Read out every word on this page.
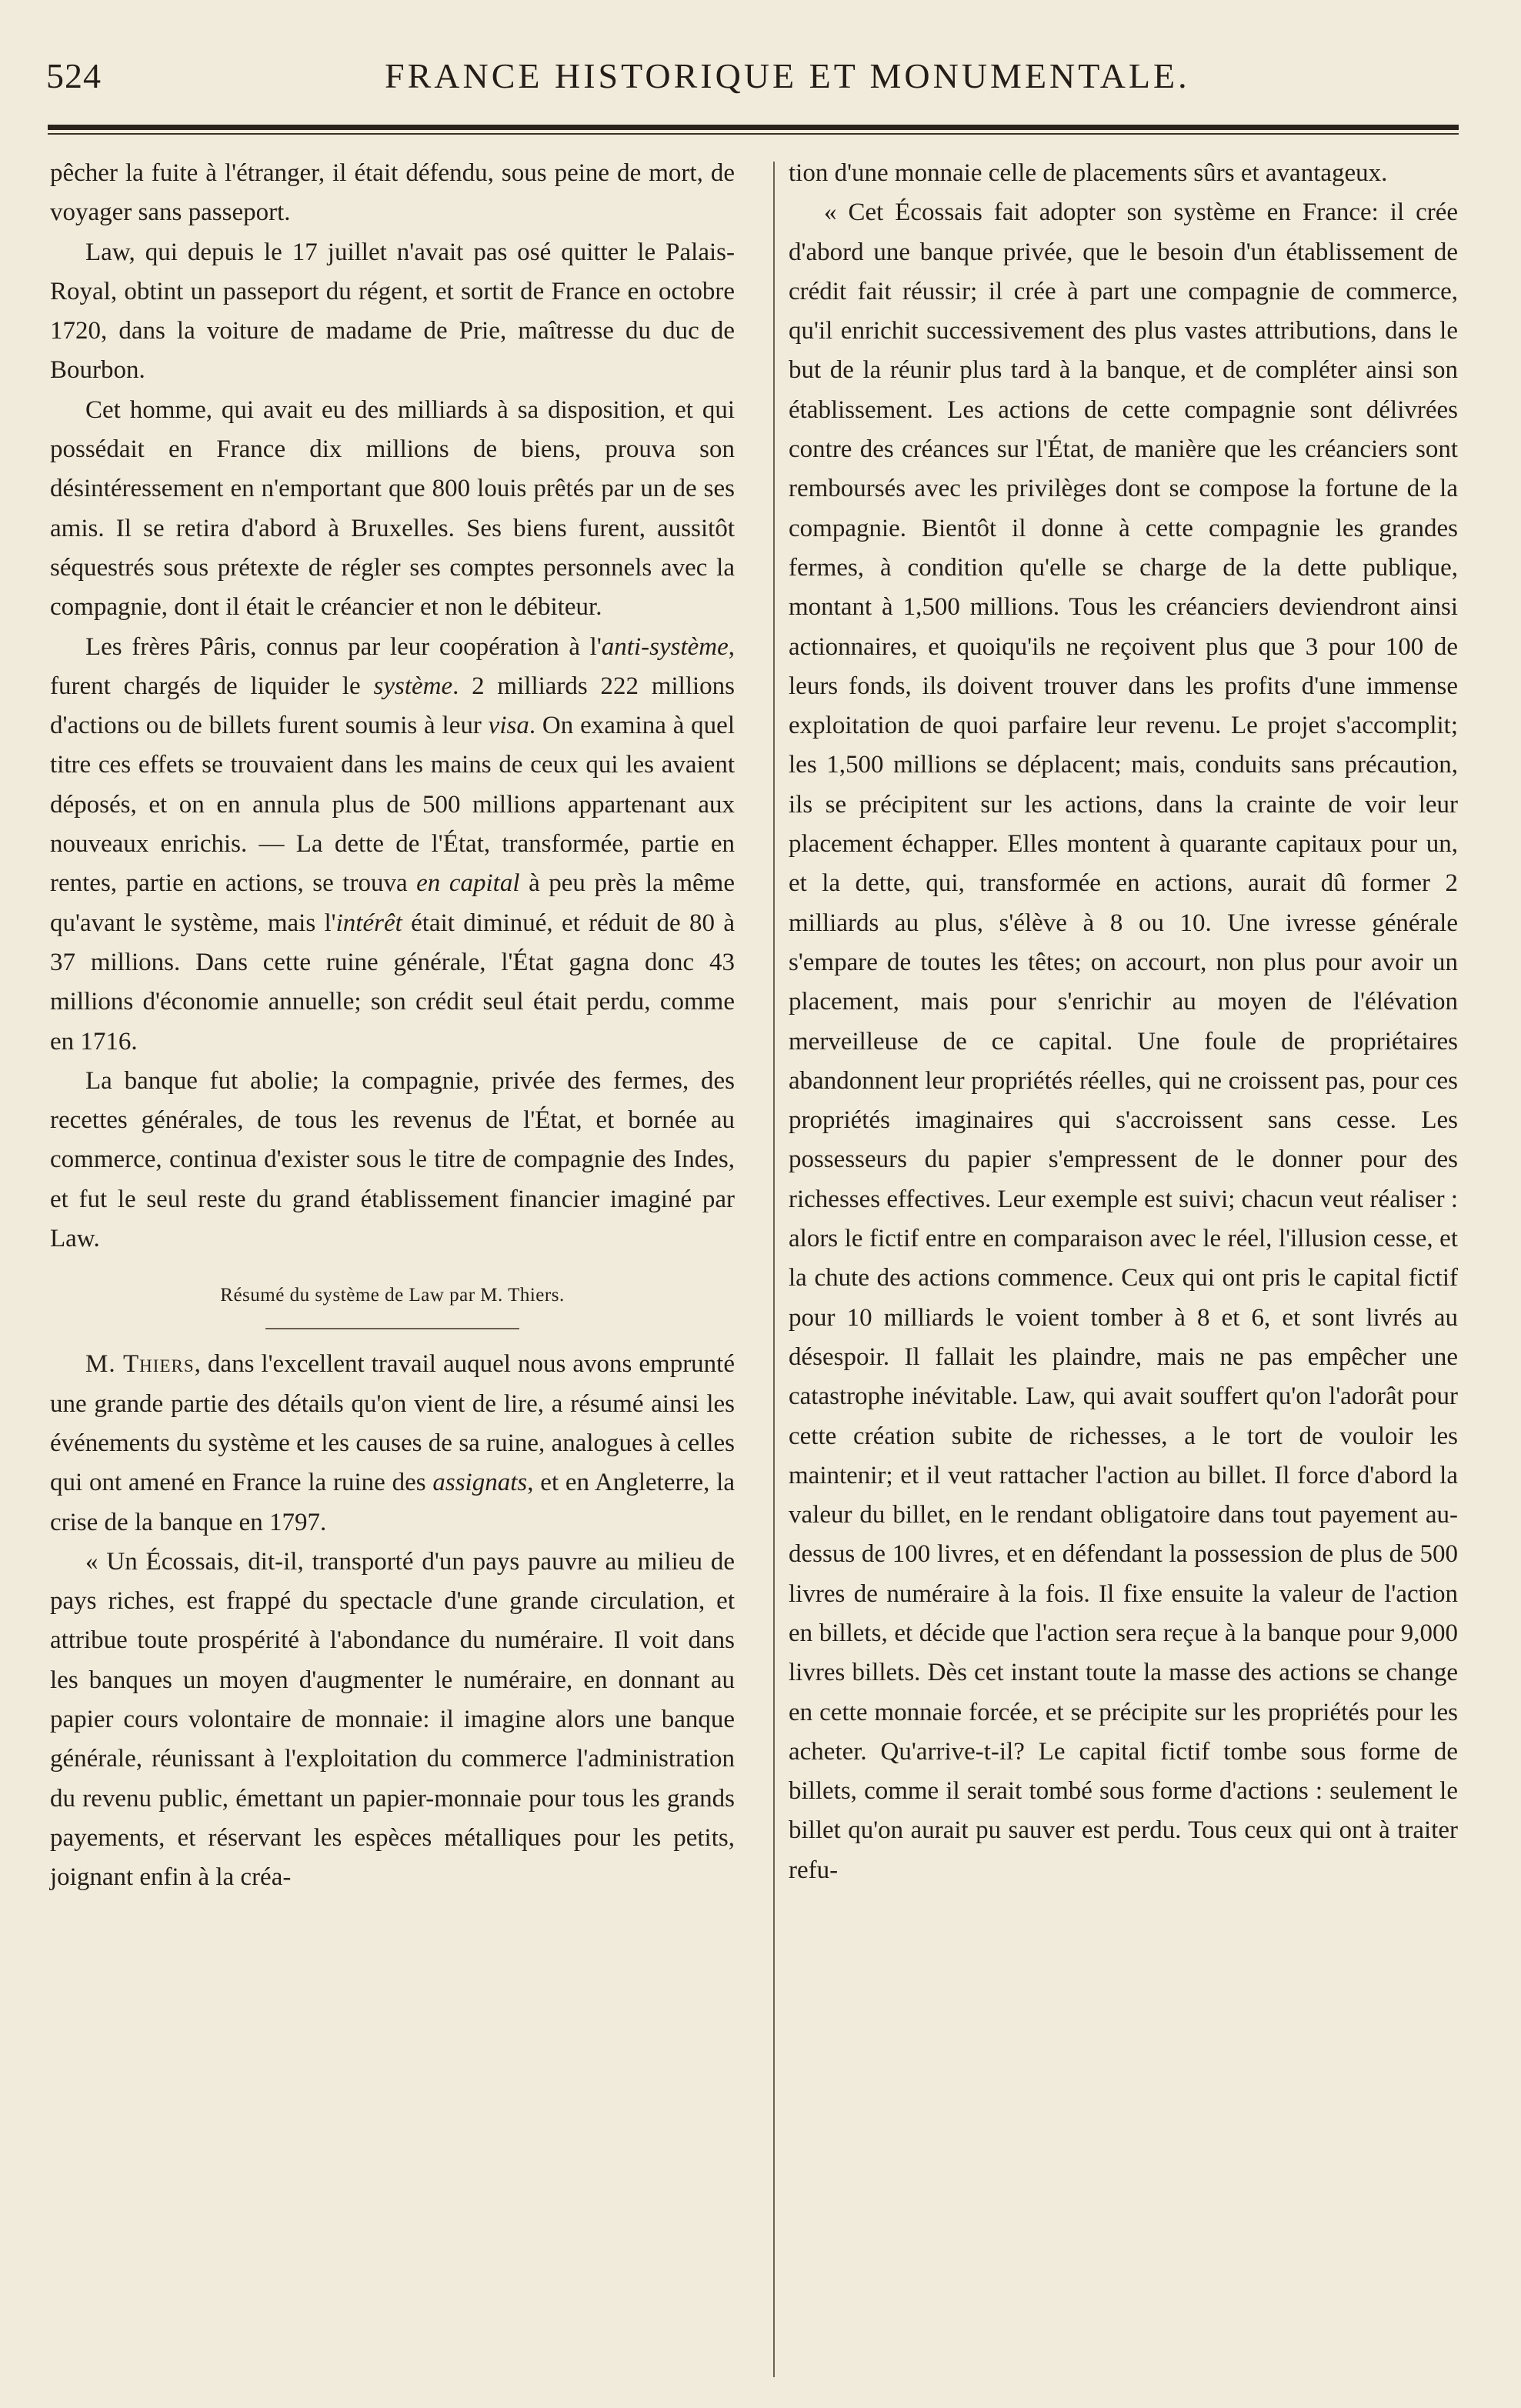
524	FRANCE HISTORIQUE ET MONUMENTALE.

pêcher la fuite à l'étranger, il était défendu, sous peine de mort, de voyager sans passeport.

Law, qui depuis le 17 juillet n'avait pas osé quitter le Palais-Royal, obtint un passeport du régent, et sortit de France en octobre 1720, dans la voiture de madame de Prie, maîtresse du duc de Bourbon.

Cet homme, qui avait eu des milliards à sa disposition, et qui possédait en France dix millions de biens, prouva son désintéressement en n'emportant que 800 louis prêtés par un de ses amis. Il se retira d'abord à Bruxelles. Ses biens furent, aussitôt séquestrés sous prétexte de régler ses comptes personnels avec la compagnie, dont il était le créancier et non le débiteur.

Les frères Pâris, connus par leur coopération à l'anti-système, furent chargés de liquider le système. 2 milliards 222 millions d'actions ou de billets furent soumis à leur visa. On examina à quel titre ces effets se trouvaient dans les mains de ceux qui les avaient déposés, et on en annula plus de 500 millions appartenant aux nouveaux enrichis. — La dette de l'État, transformée, partie en rentes, partie en actions, se trouva en capital à peu près la même qu'avant le système, mais l'intérêt était diminué, et réduit de 80 à 37 millions. Dans cette ruine générale, l'État gagna donc 43 millions d'économie annuelle; son crédit seul était perdu, comme en 1716.

La banque fut abolie; la compagnie, privée des fermes, des recettes générales, de tous les revenus de l'État, et bornée au commerce, continua d'exister sous le titre de compagnie des Indes, et fut le seul reste du grand établissement financier imaginé par Law.

Résumé du système de Law par M. Thiers.

M. Thiers, dans l'excellent travail auquel nous avons emprunté une grande partie des détails qu'on vient de lire, a résumé ainsi les événements du système et les causes de sa ruine, analogues à celles qui ont amené en France la ruine des assignats, et en Angleterre, la crise de la banque en 1797.

« Un Écossais, dit-il, transporté d'un pays pauvre au milieu de pays riches, est frappé du spectacle d'une grande circulation, et attribue toute prospérité à l'abondance du numéraire. Il voit dans les banques un moyen d'augmenter le numéraire, en donnant au papier cours volontaire de monnaie: il imagine alors une banque générale, réunissant à l'exploitation du commerce l'administration du revenu public, émettant un papier-monnaie pour tous les grands payements, et réservant les espèces métalliques pour les petits, joignant enfin à la créa-

tion d'une monnaie celle de placements sûrs et avantageux.

« Cet Écossais fait adopter son système en France: il crée d'abord une banque privée, que le besoin d'un établissement de crédit fait réussir; il crée à part une compagnie de commerce, qu'il enrichit successivement des plus vastes attributions, dans le but de la réunir plus tard à la banque, et de compléter ainsi son établissement. Les actions de cette compagnie sont délivrées contre des créances sur l'État, de manière que les créanciers sont remboursés avec les privilèges dont se compose la fortune de la compagnie. Bientôt il donne à cette compagnie les grandes fermes, à condition qu'elle se charge de la dette publique, montant à 1,500 millions. Tous les créanciers deviendront ainsi actionnaires, et quoiqu'ils ne reçoivent plus que 3 pour 100 de leurs fonds, ils doivent trouver dans les profits d'une immense exploitation de quoi parfaire leur revenu. Le projet s'accomplit; les 1,500 millions se déplacent; mais, conduits sans précaution, ils se précipitent sur les actions, dans la crainte de voir leur placement échapper. Elles montent à quarante capitaux pour un, et la dette, qui, transformée en actions, aurait dû former 2 milliards au plus, s'élève à 8 ou 10. Une ivresse générale s'empare de toutes les têtes; on accourt, non plus pour avoir un placement, mais pour s'enrichir au moyen de l'élévation merveilleuse de ce capital. Une foule de propriétaires abandonnent leur propriétés réelles, qui ne croissent pas, pour ces propriétés imaginaires qui s'accroissent sans cesse. Les possesseurs du papier s'empressent de le donner pour des richesses effectives. Leur exemple est suivi; chacun veut réaliser : alors le fictif entre en comparaison avec le réel, l'illusion cesse, et la chute des actions commence. Ceux qui ont pris le capital fictif pour 10 milliards le voient tomber à 8 et 6, et sont livrés au désespoir. Il fallait les plaindre, mais ne pas empêcher une catastrophe inévitable. Law, qui avait souffert qu'on l'adorât pour cette création subite de richesses, a le tort de vouloir les maintenir; et il veut rattacher l'action au billet. Il force d'abord la valeur du billet, en le rendant obligatoire dans tout payement au-dessus de 100 livres, et en défendant la possession de plus de 500 livres de numéraire à la fois. Il fixe ensuite la valeur de l'action en billets, et décide que l'action sera reçue à la banque pour 9,000 livres billets. Dès cet instant toute la masse des actions se change en cette monnaie forcée, et se précipite sur les propriétés pour les acheter. Qu'arrive-t-il? Le capital fictif tombe sous forme de billets, comme il serait tombé sous forme d'actions : seulement le billet qu'on aurait pu sauver est perdu. Tous ceux qui ont à traiter refu-
